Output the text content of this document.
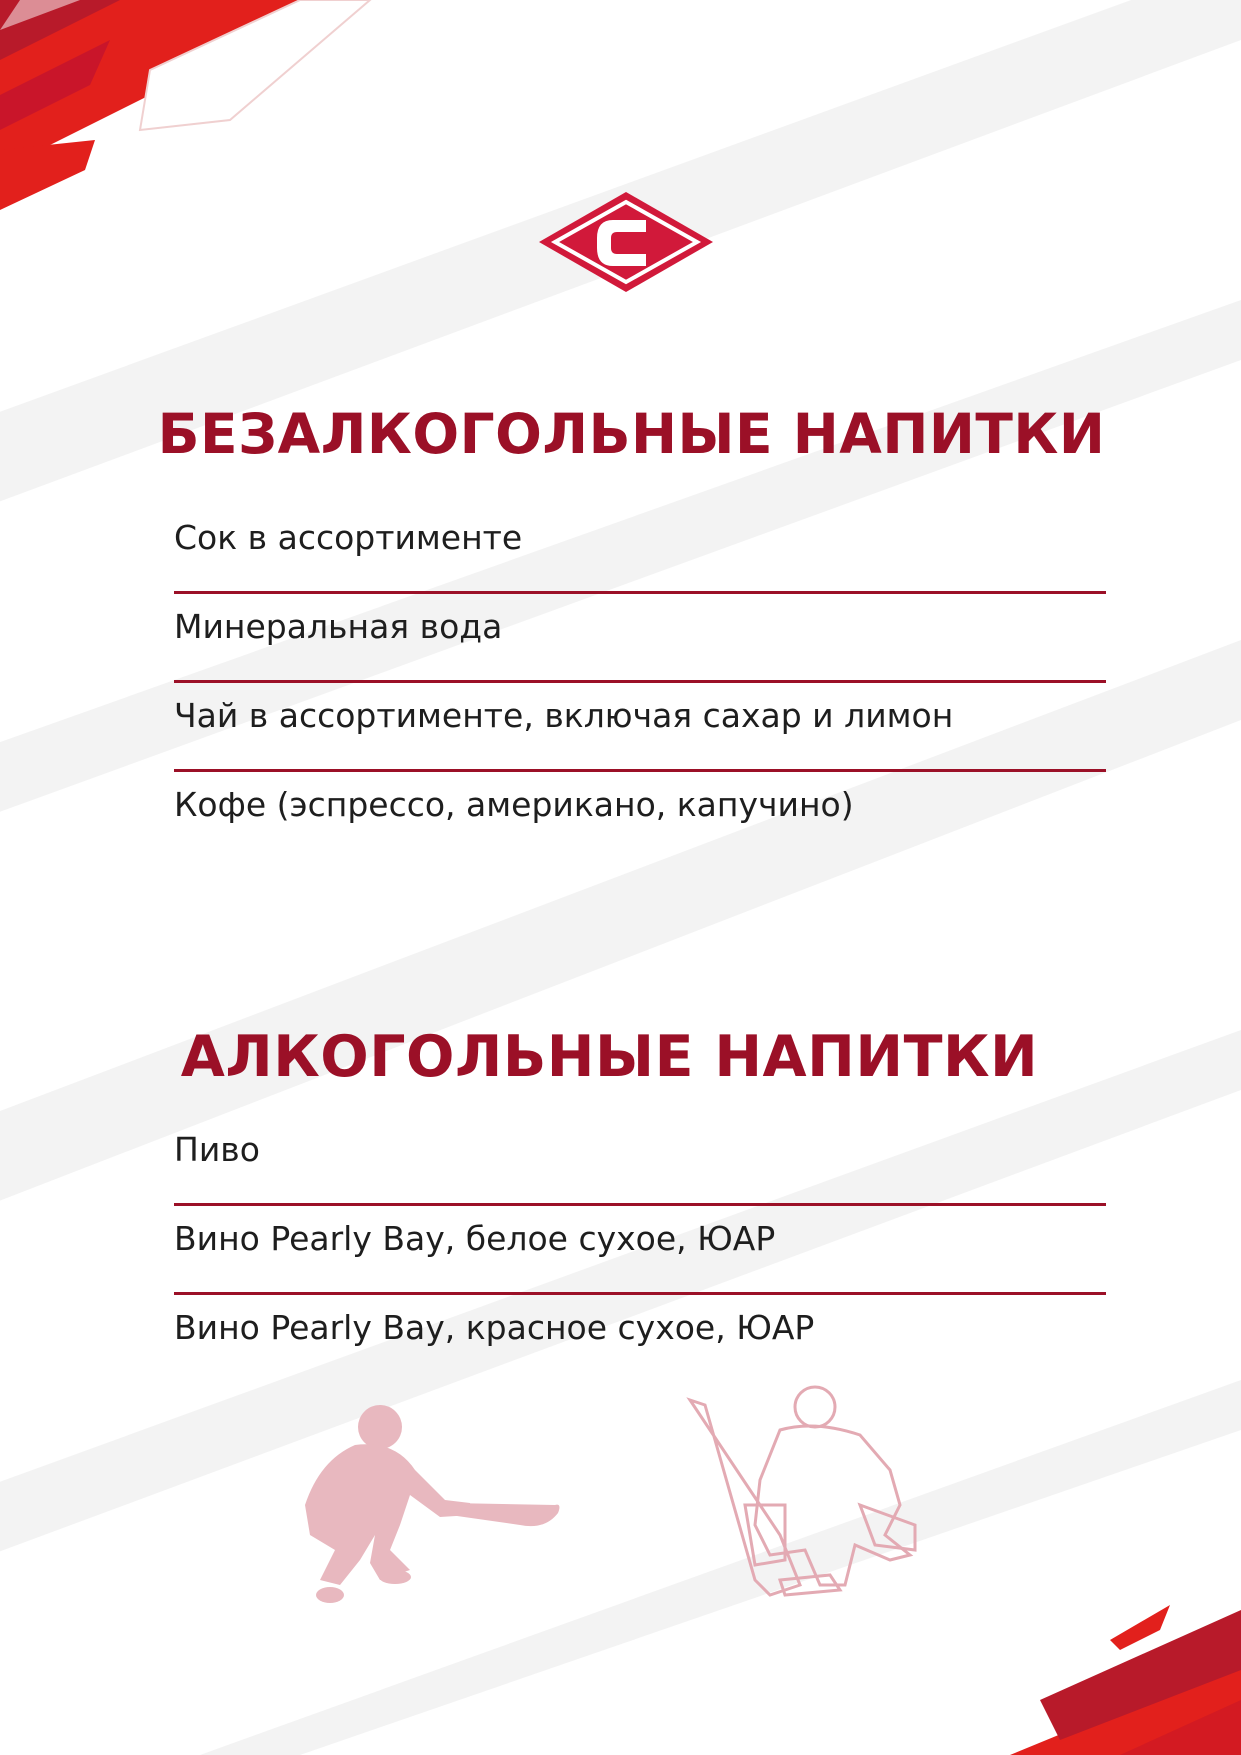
БЕЗАЛКОГОЛЬНЫЕ НАПИТКИ
Сок в ассортименте
Минеральная вода
Чай в ассортименте, включая сахар и лимон
Кофе (эспрессо, американо, капучино)
АЛКОГОЛЬНЫЕ НАПИТКИ
Пиво
Вино Pearly Bay, белое сухое, ЮАР
Вино Pearly Bay, красное сухое, ЮАР
